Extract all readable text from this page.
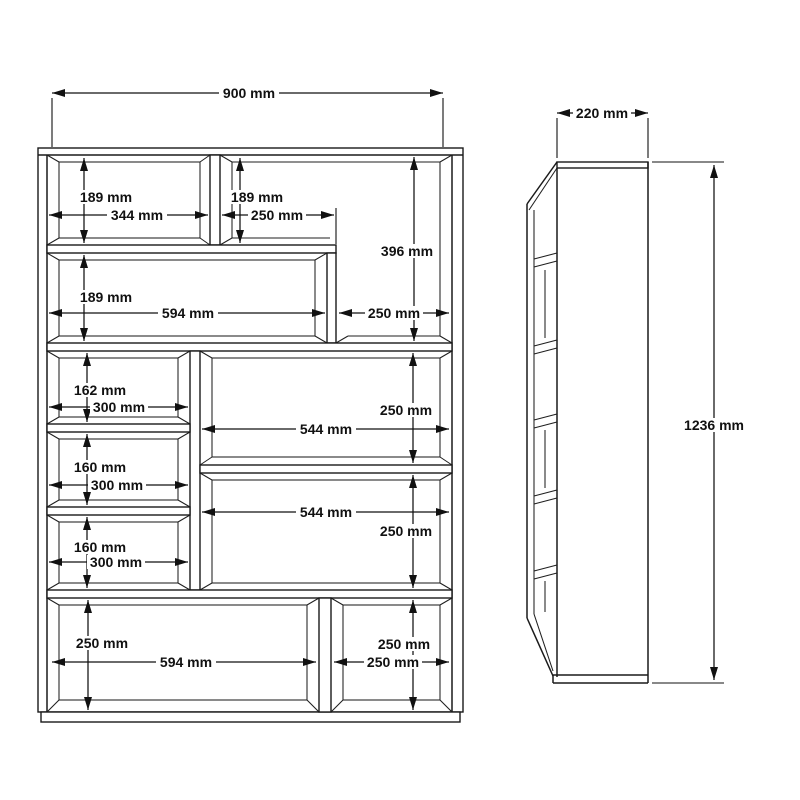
900 mm
189 mm
344 mm
189 mm
250 mm
396 mm
189 mm
594 mm	250 mm
162 mm
300 mm	250 mm
544 mm
160 mm
300 mm
544 mm
250 mm
160 mm
300 mm
250 mm
594 mm
250 mm
250 mm
220 mm
1236 mm
